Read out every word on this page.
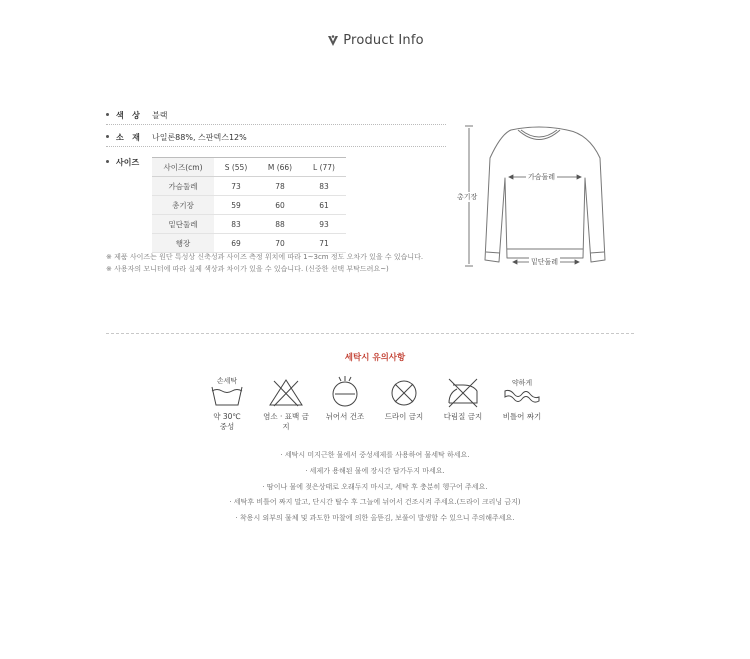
Product Info
색   상	블랙
소   재	나일론88%, 스판덱스12%
사이즈	사이즈(cm)	S (55)	M (66)	L (77)
가슴둘레	73	78	83
총기장	59	60	61
밑단둘레	83	88	93
행장	69	70	71
※ 제품 사이즈는 원단 특성상 신축성과 사이즈 측정 위치에 따라 1~3cm 정도 오차가 있을 수 있습니다.
※ 사용자의 모니터에 따라 실제 색상과 차이가 있을 수 있습니다. (신중한 선택 부탁드려요~)
총기장
가슴둘레
밑단둘레
세탁시 유의사항
손세탁
약 30℃
중성
염소 · 표백 금지
뉘어서 건조	드라이 금지	다림질 금지
약하게
비틀어 짜기
· 세탁시 미지근한 물에서 중성세제를 사용하여 물세탁 하세요.
· 세제가 용해된 물에 장시간 담가두지 마세요.
· 땀이나 물에 젖은상태로 오래두지 마시고, 세탁 후 충분히 헹구어 주세요.
· 세탁후 비틀어 짜지 말고, 단시간 탈수 후 그늘에 뉘어서 건조시켜 주세요.(드라이 크리닝 금지)
· 착용시 외부의 물체 및 과도한 마찰에 의한 올뜯김, 보풀이 발생할 수 있으니 주의해주세요.
